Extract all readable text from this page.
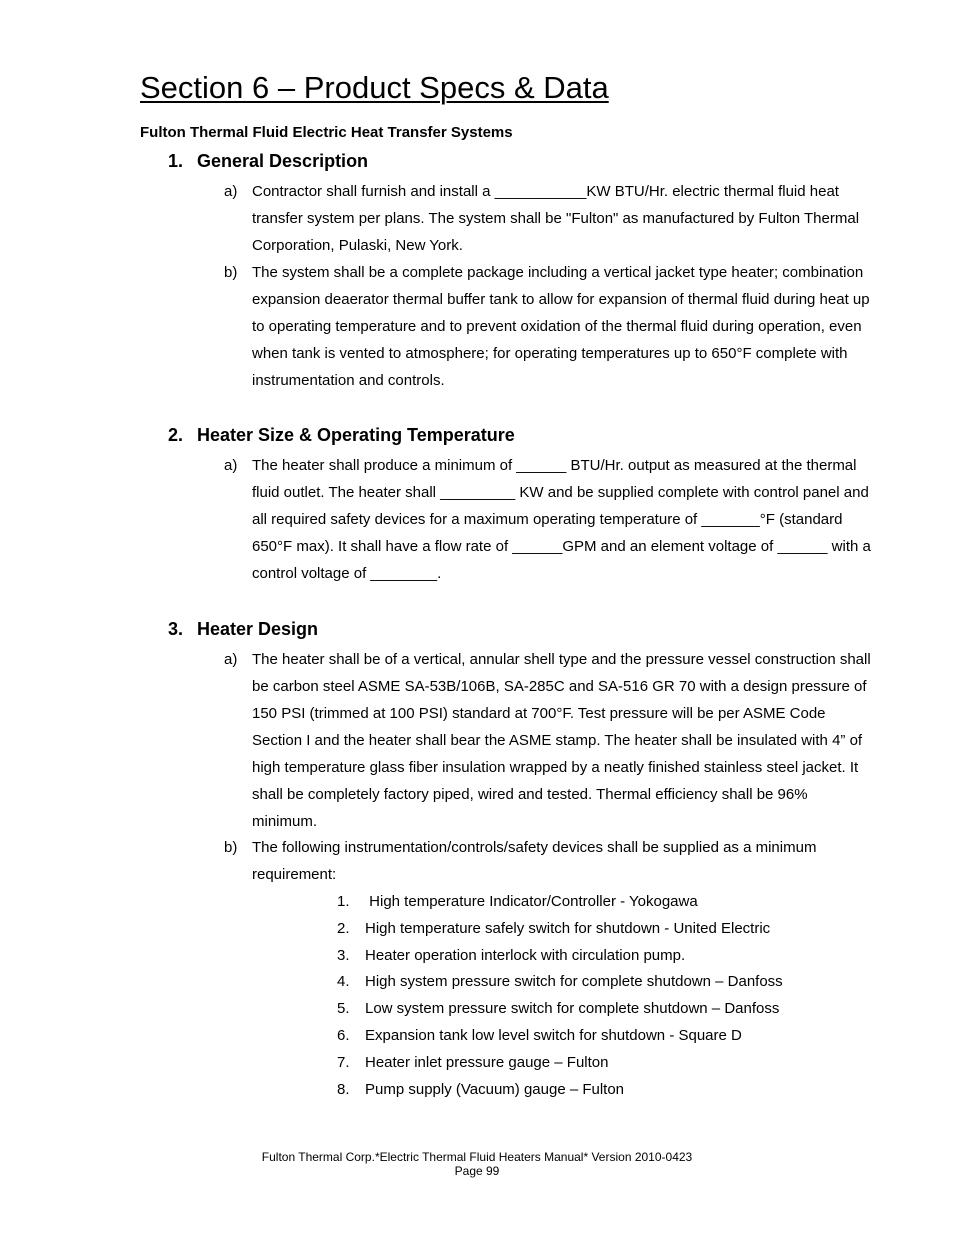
Section 6 – Product Specs & Data
Fulton Thermal Fluid Electric Heat Transfer Systems
1. General Description
a) Contractor shall furnish and install a ___________KW BTU/Hr. electric thermal fluid heat transfer system per plans. The system shall be "Fulton" as manufactured by Fulton Thermal Corporation, Pulaski, New York.
b) The system shall be a complete package including a vertical jacket type heater; combination expansion deaerator thermal buffer tank to allow for expansion of thermal fluid during heat up to operating temperature and to prevent oxidation of the thermal fluid during operation, even when tank is vented to atmosphere; for operating temperatures up to 650°F complete with instrumentation and controls.
2. Heater Size & Operating Temperature
a) The heater shall produce a minimum of ______ BTU/Hr. output as measured at the thermal fluid outlet. The heater shall _________ KW and be supplied complete with control panel and all required safety devices for a maximum operating temperature of _______°F (standard 650°F max). It shall have a flow rate of ______GPM and an element voltage of ______ with a control voltage of ________.
3. Heater Design
a) The heater shall be of a vertical, annular shell type and the pressure vessel construction shall be carbon steel ASME SA-53B/106B, SA-285C and SA-516 GR 70 with a design pressure of 150 PSI (trimmed at 100 PSI) standard at 700°F. Test pressure will be per ASME Code Section I and the heater shall bear the ASME stamp. The heater shall be insulated with 4” of high temperature glass fiber insulation wrapped by a neatly finished stainless steel jacket. It shall be completely factory piped, wired and tested. Thermal efficiency shall be 96% minimum.
b) The following instrumentation/controls/safety devices shall be supplied as a minimum requirement:
1. High temperature Indicator/Controller - Yokogawa
2. High temperature safely switch for shutdown - United Electric
3. Heater operation interlock with circulation pump.
4. High system pressure switch for complete shutdown – Danfoss
5. Low system pressure switch for complete shutdown – Danfoss
6. Expansion tank low level switch for shutdown - Square D
7. Heater inlet pressure gauge – Fulton
8. Pump supply (Vacuum) gauge – Fulton
Fulton Thermal Corp.*Electric Thermal Fluid Heaters Manual* Version 2010-0423
Page 99
